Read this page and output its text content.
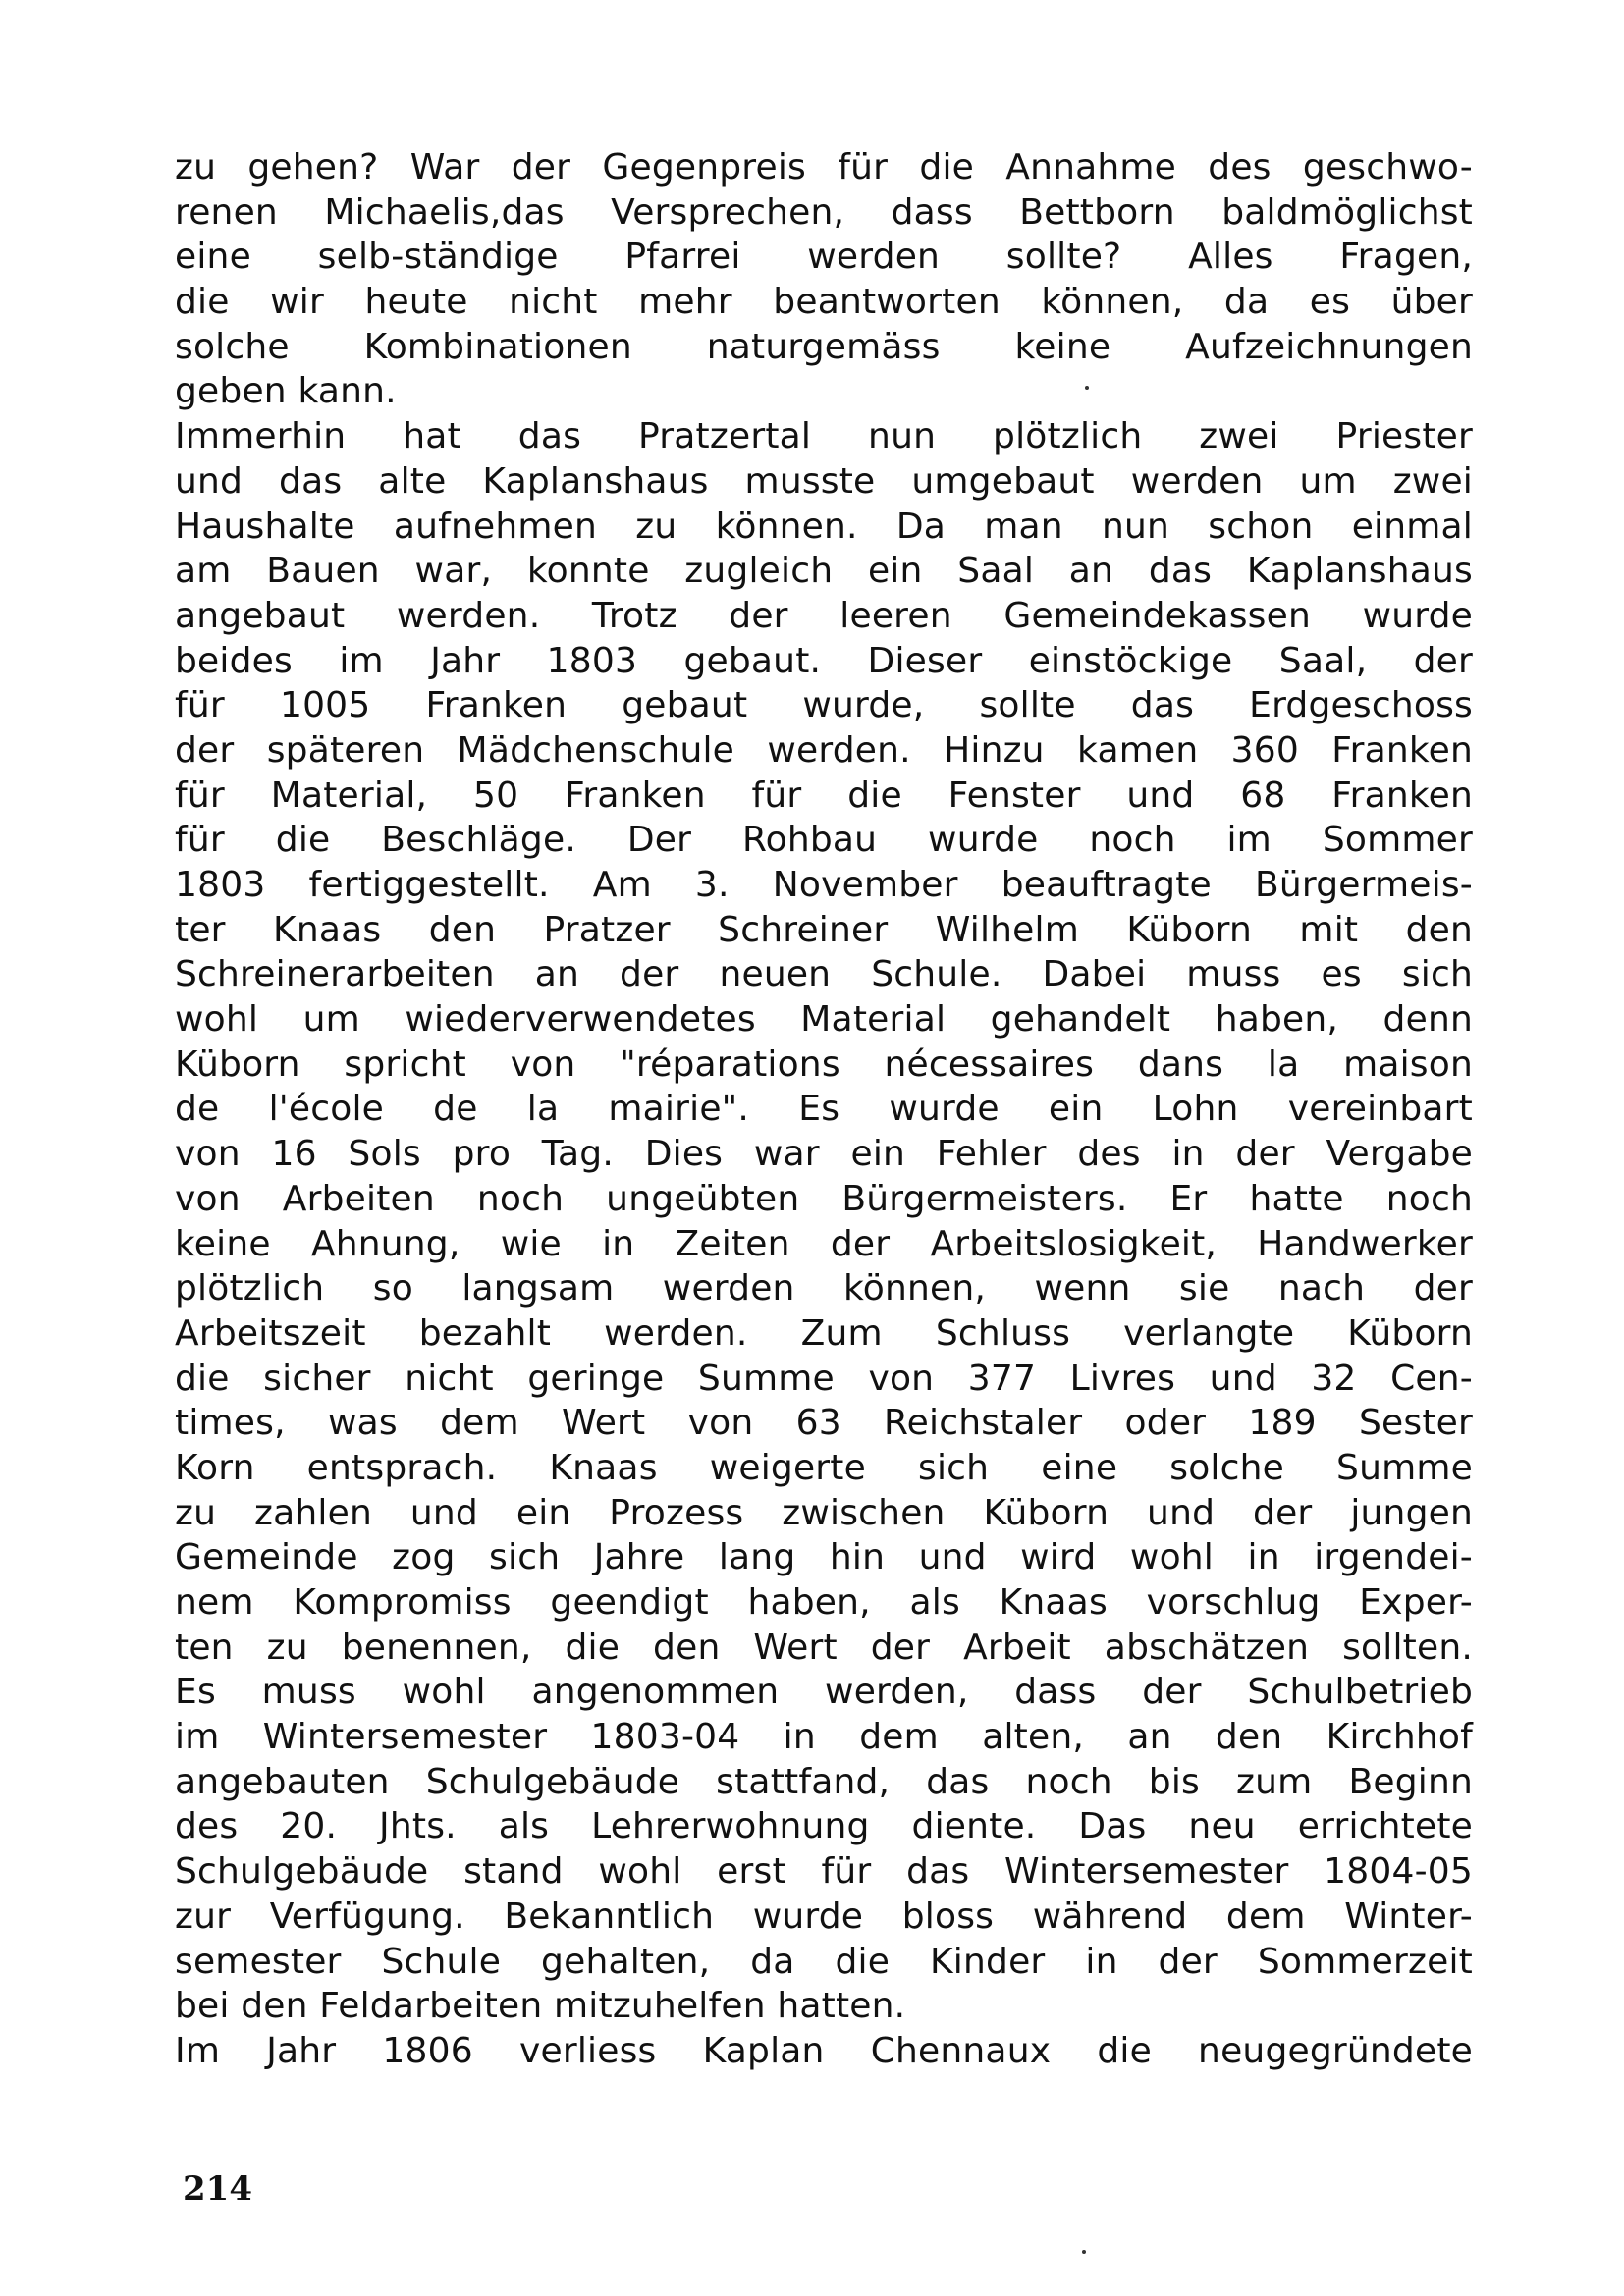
zu gehen? War der Gegenpreis für die Annahme des geschwo-
renen Michaelis,das Versprechen, dass Bettborn baldmöglichst
eine selb-ständige Pfarrei werden sollte? Alles Fragen,
die wir heute nicht mehr beantworten können, da es über
solche Kombinationen naturgemäss keine Aufzeichnungen
geben kann.
Immerhin hat das Pratzertal nun plötzlich zwei Priester
und das alte Kaplanshaus musste umgebaut werden um zwei
Haushalte aufnehmen zu können. Da man nun schon einmal
am Bauen war, konnte zugleich ein Saal an das Kaplanshaus
angebaut werden. Trotz der leeren Gemeindekassen wurde
beides im Jahr 1803 gebaut. Dieser einstöckige Saal, der
für 1005 Franken gebaut wurde, sollte das Erdgeschoss
der späteren Mädchenschule werden. Hinzu kamen 360 Franken
für Material, 50 Franken für die Fenster und 68 Franken
für die Beschläge. Der Rohbau wurde noch im Sommer
1803 fertiggestellt. Am 3. November beauftragte Bürgermeis-
ter Knaas den Pratzer Schreiner Wilhelm Küborn mit den
Schreinerarbeiten an der neuen Schule. Dabei muss es sich
wohl um wiederverwendetes Material gehandelt haben, denn
Küborn spricht von "réparations nécessaires dans la maison
de l'école de la mairie". Es wurde ein Lohn vereinbart
von 16 Sols pro Tag. Dies war ein Fehler des in der Vergabe
von Arbeiten noch ungeübten Bürgermeisters. Er hatte noch
keine Ahnung, wie in Zeiten der Arbeitslosigkeit, Handwerker
plötzlich so langsam werden können, wenn sie nach der
Arbeitszeit bezahlt werden. Zum Schluss verlangte Küborn
die sicher nicht geringe Summe von 377 Livres und 32 Cen-
times, was dem Wert von 63 Reichstaler oder 189 Sester
Korn entsprach. Knaas weigerte sich eine solche Summe
zu zahlen und ein Prozess zwischen Küborn und der jungen
Gemeinde zog sich Jahre lang hin und wird wohl in irgendei-
nem Kompromiss geendigt haben, als Knaas vorschlug Exper-
ten zu benennen, die den Wert der Arbeit abschätzen sollten.
Es muss wohl angenommen werden, dass der Schulbetrieb
im Wintersemester 1803-04 in dem alten, an den Kirchhof
angebauten Schulgebäude stattfand, das noch bis zum Beginn
des 20. Jhts. als Lehrerwohnung diente. Das neu errichtete
Schulgebäude stand wohl erst für das Wintersemester 1804-05
zur Verfügung. Bekanntlich wurde bloss während dem Winter-
semester Schule gehalten, da die Kinder in der Sommerzeit
bei den Feldarbeiten mitzuhelfen hatten.
Im Jahr 1806 verliess Kaplan Chennaux die neugegründete
214
